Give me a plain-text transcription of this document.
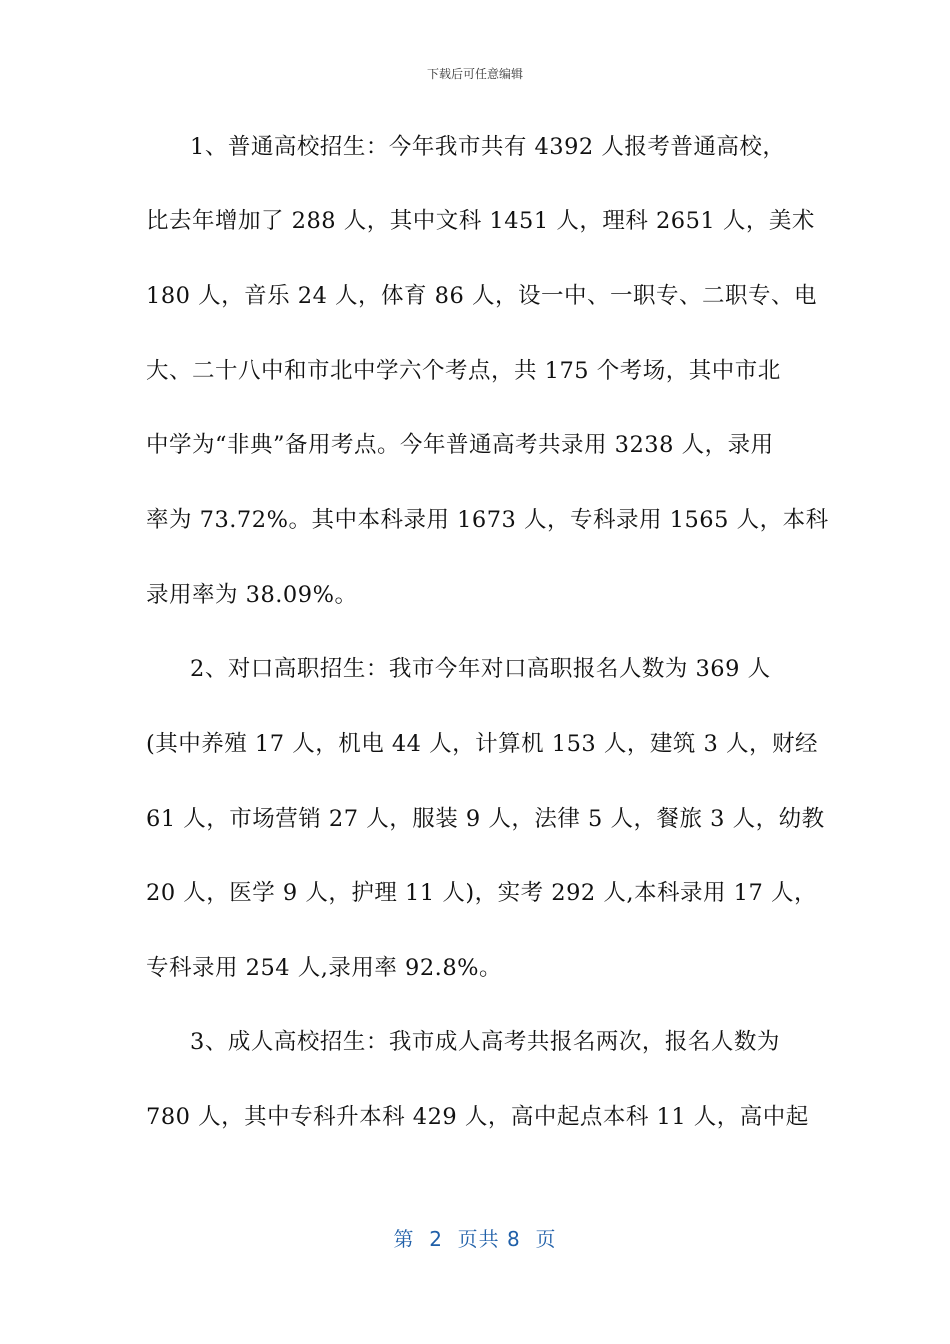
下载后可任意编辑
1、普通高校招生：今年我市共有 4392 人报考普通高校，
比去年增加了 288 人，其中文科 1451 人，理科 2651 人，美术
180 人，音乐 24 人，体育 86 人，设一中、一职专、二职专、电
大、二十八中和市北中学六个考点，共 175 个考场，其中市北
中学为“非典”备用考点。今年普通高考共录用 3238 人，录用
率为 73.72%。其中本科录用 1673 人，专科录用 1565 人，本科
录用率为 38.09%。
2、对口高职招生：我市今年对口高职报名人数为 369 人
(其中养殖 17 人，机电 44 人，计算机 153 人，建筑 3 人，财经
61 人，市场营销 27 人，服装 9 人，法律 5 人，餐旅 3 人，幼教
20 人，医学 9 人，护理 11 人)，实考 292 人,本科录用 17 人，
专科录用 254 人,录用率 92.8%。
3、成人高校招生：我市成人高考共报名两次，报名人数为
780 人，其中专科升本科 429 人，高中起点本科 11 人，高中起
第  2  页共 8  页
